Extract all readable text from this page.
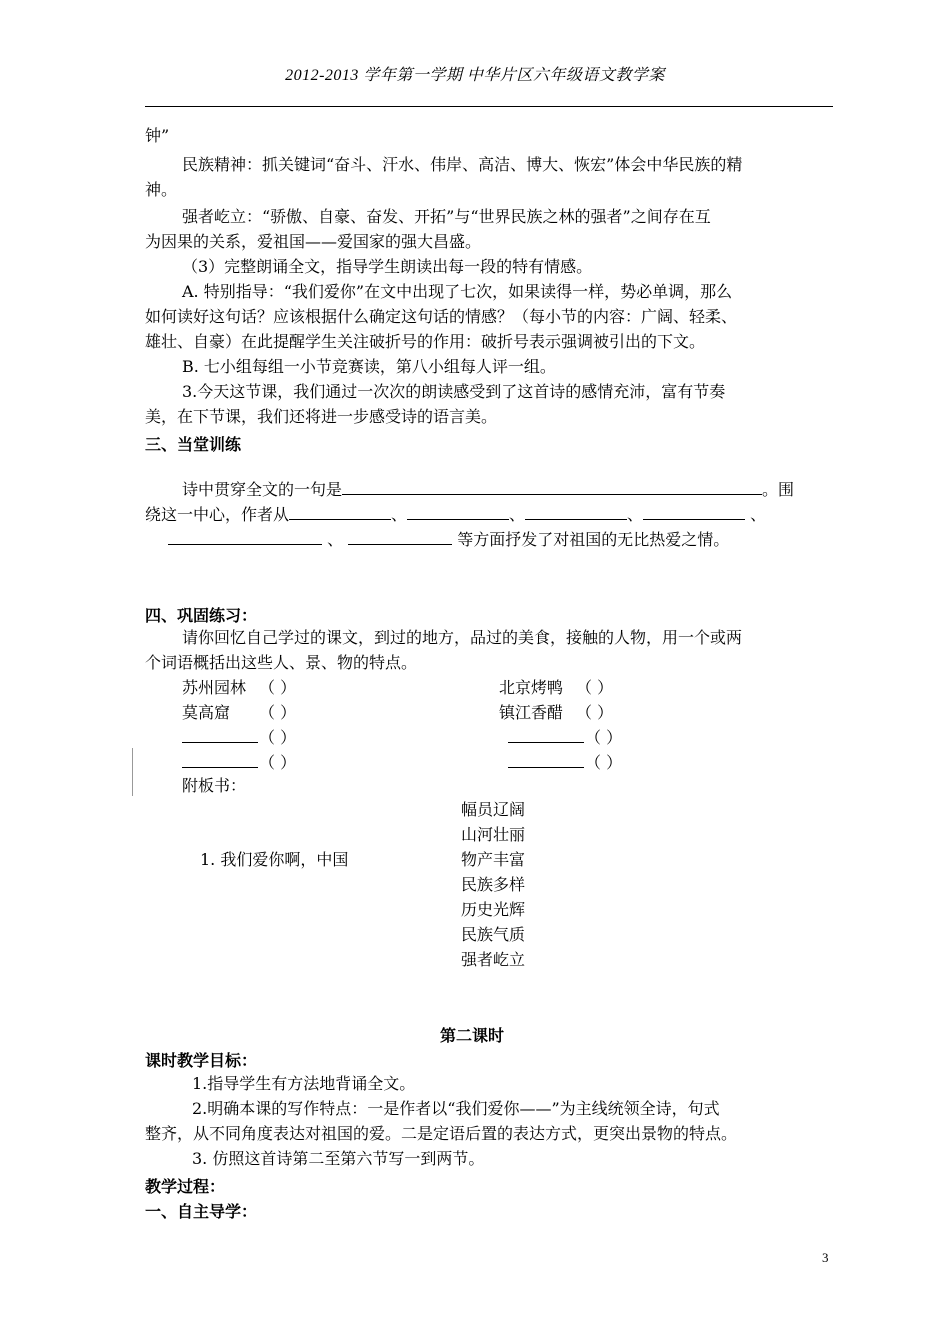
2012-2013 学年第一学期 中华片区六年级语文教学案
钟”
民族精神：抓关键词“奋斗、汗水、伟岸、高洁、博大、恢宏”体会中华民族的精
神。
强者屹立：“骄傲、自豪、奋发、开拓”与“世界民族之林的强者”之间存在互
为因果的关系，爱祖国——爱国家的强大昌盛。
（3）完整朗诵全文，指导学生朗读出每一段的特有情感。
A. 特别指导：“我们爱你”在文中出现了七次，如果读得一样，势必单调，那么
如何读好这句话？应该根据什么确定这句话的情感？（每小节的内容：广阔、轻柔、
雄壮、自豪）在此提醒学生关注破折号的作用：破折号表示强调被引出的下文。
B. 七小组每组一小节竞赛读，第八小组每人评一组。
3.今天这节课，我们通过一次次的朗读感受到了这首诗的感情充沛，富有节奏
美，在下节课，我们还将进一步感受诗的语言美。
三、当堂训练
诗中贯穿全文的一句是	。围
绕这一中心，作者从	、	、	、	、
、	等方面抒发了对祖国的无比热爱之情。
四、巩固练习：
请你回忆自己学过的课文，到过的地方，品过的美食，接触的人物，用一个或两
个词语概括出这些人、景、物的特点。
苏州园林 （ ）	北京烤鸭 （ ）
莫高窟 （ ）	镇江香醋 （ ）
（ ）	（ ）
（ ）	（ ）
附板书：
1. 我们爱你啊，中国
幅员辽阔
山河壮丽
物产丰富
民族多样
历史光辉
民族气质
强者屹立
第二课时
课时教学目标：
1.指导学生有方法地背诵全文。
2.明确本课的写作特点：一是作者以“我们爱你——”为主线统领全诗，句式
整齐，从不同角度表达对祖国的爱。二是定语后置的表达方式，更突出景物的特点。
3. 仿照这首诗第二至第六节写一到两节。
教学过程：
一、自主导学：
3
